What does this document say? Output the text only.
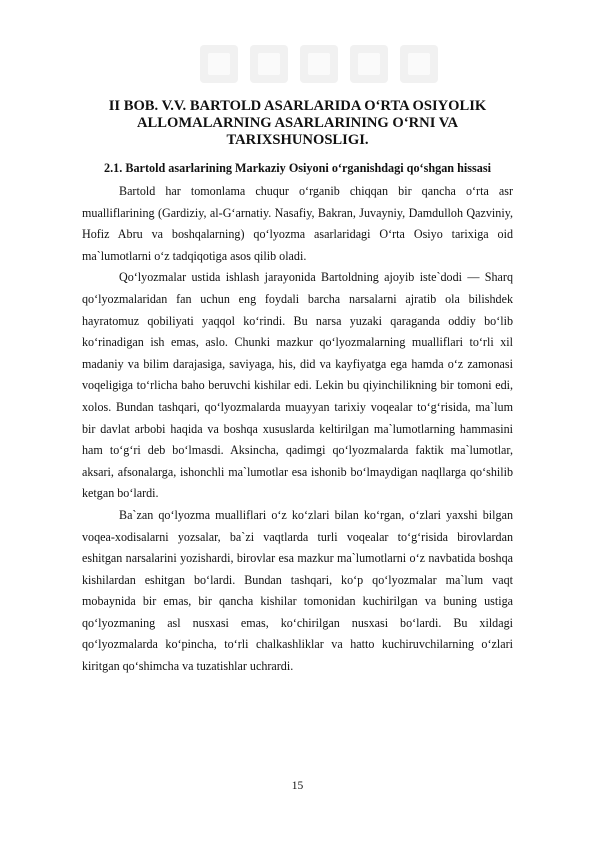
II BOB. V.V. BARTOLD ASARLARIDA O‘RTA OSIYOLIK ALLOMALARNING ASARLARINING O‘RNI VA TARIXSHUNOSLIGI.
2.1. Bartold asarlarining Markaziy Osiyoni o‘rganishdagi qo‘shgan hissasi

Bartold har tomonlama chuqur o‘rganib chiqqan bir qancha o‘rta asr mualliflarining (Gardiziy, al-G‘arnatiy. Nasafiy, Bakran, Juvayniy, Damdulloh Qazviniy, Hofiz Abru va boshqalarning) qo‘lyozma asarlaridagi O‘rta Osiyo tarixiga oid ma`lumotlarni o‘z tadqiqotiga asos qilib oladi.

Qo‘lyozmalar ustida ishlash jarayonida Bartoldning ajoyib iste`dodi — Sharq qo‘lyozmalaridan fan uchun eng foydali barcha narsalarni ajratib ola bilishdek hayratomuz qobiliyati yaqqol ko‘rindi. Bu narsa yuzaki qaraganda oddiy bo‘lib ko‘rinadigan ish emas, aslo. Chunki mazkur qo‘lyozmalarning mualliflari to‘rli xil madaniy va bilim darajasiga, saviyaga, his, did va kayfiyatga ega hamda o‘z zamonasi voqeligiga to‘rlicha baho beruvchi kishilar edi. Lekin bu qiyinchilikning bir tomoni edi, xolos. Bundan tashqari, qo‘lyozmalarda muayyan tarixiy voqealar to‘g‘risida, ma`lum bir davlat arbobi haqida va boshqa xususlarda keltirilgan ma`lumotlarning hammasini ham to‘g‘ri deb bo‘lmasdi. Aksincha, qadimgi qo‘lyozmalarda faktik ma`lumotlar, aksari, afsonalarga, ishonchli ma`lumotlar esa ishonib bo‘lmaydigan naqllarga qo‘shilib ketgan bo‘lardi.

Ba`zan qo‘lyozma mualliflari o‘z ko‘zlari bilan ko‘rgan, o‘zlari yaxshi bilgan voqea-xodisalarni yozsalar, ba`zi vaqtlarda turli voqealar to‘g‘risida birovlardan eshitgan narsalarini yozishardi, birovlar esa mazkur ma`lumotlarni o‘z navbatida boshqa kishilardan eshitgan bo‘lardi. Bundan tashqari, ko‘p qo‘lyozmalar ma`lum vaqt mobaynida bir emas, bir qancha kishilar tomonidan kuchirilgan va buning ustiga qo‘lyozmaning asl nusxasi emas, ko‘chirilgan nusxasi bo‘lardi. Bu xildagi qo‘lyozmalarda ko‘pincha, to‘rli chalkashliklar va hatto kuchiruvchilarning o‘zlari kiritgan qo‘shimcha va tuzatishlar uchrardi.

15
